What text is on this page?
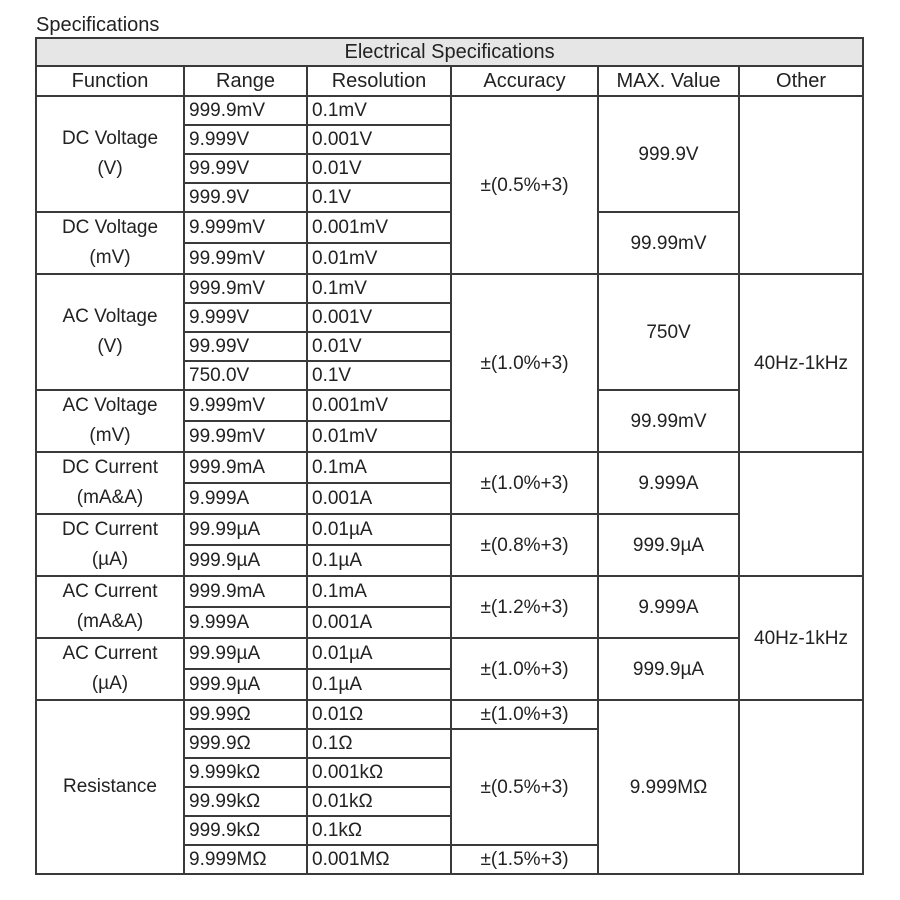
Specifications
Electrical Specifications					
Function	Range	Resolution	Accuracy	MAX. Value	Other

DC Voltage
(V)	999.9mV	0.1mV	±(0.5%+3)	999.9V	
	9.999V	0.001V			
	99.99V	0.01V			
	999.9V	0.1V			

DC Voltage
(mV)	9.999mV	0.001mV		99.99mV	
	99.99mV	0.01mV			

AC Voltage
(V)	999.9mV	0.1mV	±(1.0%+3)	750V	40Hz-1kHz
	9.999V	0.001V			
	99.99V	0.01V			
	750.0V	0.1V			

AC Voltage
(mV)	9.999mV	0.001mV		99.99mV	
	99.99mV	0.01mV			

DC Current
(mA&A)	999.9mA	0.1mA	±(1.0%+3)	9.999A	
	9.999A	0.001A			

DC Current
(µA)	99.99µA	0.01µA	±(0.8%+3)	999.9µA	
	999.9µA	0.1µA			

AC Current
(mA&A)	999.9mA	0.1mA	±(1.2%+3)	9.999A	40Hz-1kHz
	9.999A	0.001A			

AC Current
(µA)	99.99µA	0.01µA	±(1.0%+3)	999.9µA	
	999.9µA	0.1µA			

Resistance	99.99Ω	0.01Ω	±(1.0%+3)	9.999MΩ	
	999.9Ω	0.1Ω	±(0.5%+3)		
	9.999kΩ	0.001kΩ			
	99.99kΩ	0.01kΩ			
	999.9kΩ	0.1kΩ			
	9.999MΩ	0.001MΩ	±(1.5%+3)		
